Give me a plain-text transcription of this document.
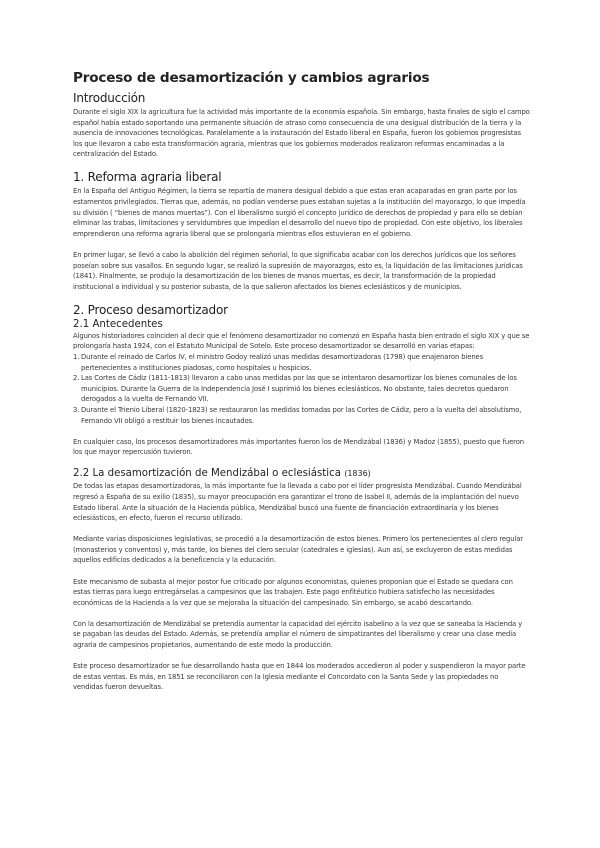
Proceso de desamortización y cambios agrarios
Introducción

Durante el siglo XIX la agricultura fue la actividad más importante de la economía española. Sin embargo, hasta finales de siglo el campo español había estado soportando una permanente situación de atraso como consecuencia de una desigual distribución de la tierra y la ausencia de innovaciones tecnológicas. Paralelamente a la instauración del Estado liberal en España, fueron los gobiernos progresistas los que llevaron a cabo esta transformación agraria, mientras que los gobiernos moderados realizaron reformas encaminadas a la centralización del Estado.

1. Reforma agraria liberal

En la España del Antiguo Régimen, la tierra se repartía de manera desigual debido a que estas eran acaparadas en gran parte por los estamentos privilegiados. Tierras que, además, no podían venderse pues estaban sujetas a la institución del mayorazgo, lo que impedía su división ( “bienes de manos muertas”). Con el liberalismo surgió el concepto jurídico de derechos de propiedad y para ello se debían eliminar las trabas, limitaciones y servidumbres que impedían el desarrollo del nuevo tipo de propiedad. Con este objetivo, los liberales emprendieron una reforma agraria liberal que se prolongaría mientras ellos estuvieran en el gobierno.

En primer lugar, se llevó a cabo la abolición del régimen señorial, lo que significaba acabar con los derechos jurídicos que los señores poseían sobre sus vasallos. En segundo lugar, se realizó la supresión de mayorazgos, esto es, la liquidación de las limitaciones jurídicas (1841). Finalmente, se produjo la desamortización de los bienes de manos muertas, es decir, la transformación de la propiedad institucional a individual y su posterior subasta, de la que salieron afectados los bienes eclesiásticos y de municipios.

2. Proceso desamortizador
2.1 Antecedentes

Algunos historiadores coinciden al decir que el fenómeno desamortizador no comenzó en España hasta bien entrado el siglo XIX y que se prolongaría hasta 1924, con el Estatuto Municipal de Sotelo. Este proceso desamortizador se desarrolló en varias etapas:

1. Durante el reinado de Carlos IV, el ministro Godoy realizó unas medidas desamortizadoras (1798) que enajenaron bienes pertenecientes a instituciones piadosas, como hospitales u hospicios.
2. Las Cortes de Cádiz (1811-1813) llevaron a cabo unas medidas por las que se intentaron desamortizar los bienes comunales de los municipios. Durante la Guerra de la Independencia José I suprimió los bienes eclesiásticos. No obstante, tales decretos quedaron derogados a la vuelta de Fernando VII.
3. Durante el Trienio Liberal (1820-1823) se restauraron las medidas tomadas por las Cortes de Cádiz, pero a la vuelta del absolutismo, Fernando VII obligó a restituir los bienes incautados.

En cualquier caso, los procesos desamortizadores más importantes fueron los de Mendizábal (1836) y Madoz (1855), puesto que fueron los que mayor repercusión tuvieron.

2.2 La desamortización de Mendizábal o eclesiástica (1836)

De todas las etapas desamortizadoras, la más importante fue la llevada a cabo por el líder progresista Mendizábal. Cuando Mendizábal regresó a España de su exilio (1835), su mayor preocupación era garantizar el trono de Isabel II, además de la implantación del nuevo Estado liberal. Ante la situación de la Hacienda pública, Mendizábal buscó una fuente de financiación extraordinaria y los bienes eclesiásticos, en efecto, fueron el recurso utilizado.

Mediante varias disposiciones legislativas, se procedió a la desamortización de estos bienes. Primero los pertenecientes al clero regular (monasterios y conventos) y, más tarde, los bienes del clero secular (catedrales e iglesias). Aun así, se excluyeron de estas medidas aquellos edificios dedicados a la beneficencia y la educación.

Este mecanismo de subasta al mejor postor fue criticado por algunos economistas, quienes proponían que el Estado se quedara con estas tierras para luego entregárselas a campesinos que las trabajen. Este pago enfitéutico hubiera satisfecho las necesidades económicas de la Hacienda a la vez que se mejoraba la situación del campesinado. Sin embargo, se acabó descartando.

Con la desamortización de Mendizábal se pretendía aumentar la capacidad del ejército isabelino a la vez que se saneaba la Hacienda y se pagaban las deudas del Estado. Además, se pretendía ampliar el número de simpatizantes del liberalismo y crear una clase media agraria de campesinos propietarios, aumentando de este modo la producción.

Este proceso desamortizador se fue desarrollando hasta que en 1844 los moderados accedieron al poder y suspendieron la mayor parte de estas ventas. Es más, en 1851 se reconciliaron con la Iglesia mediante el Concordato con la Santa Sede y las propiedades no vendidas fueron devueltas.
